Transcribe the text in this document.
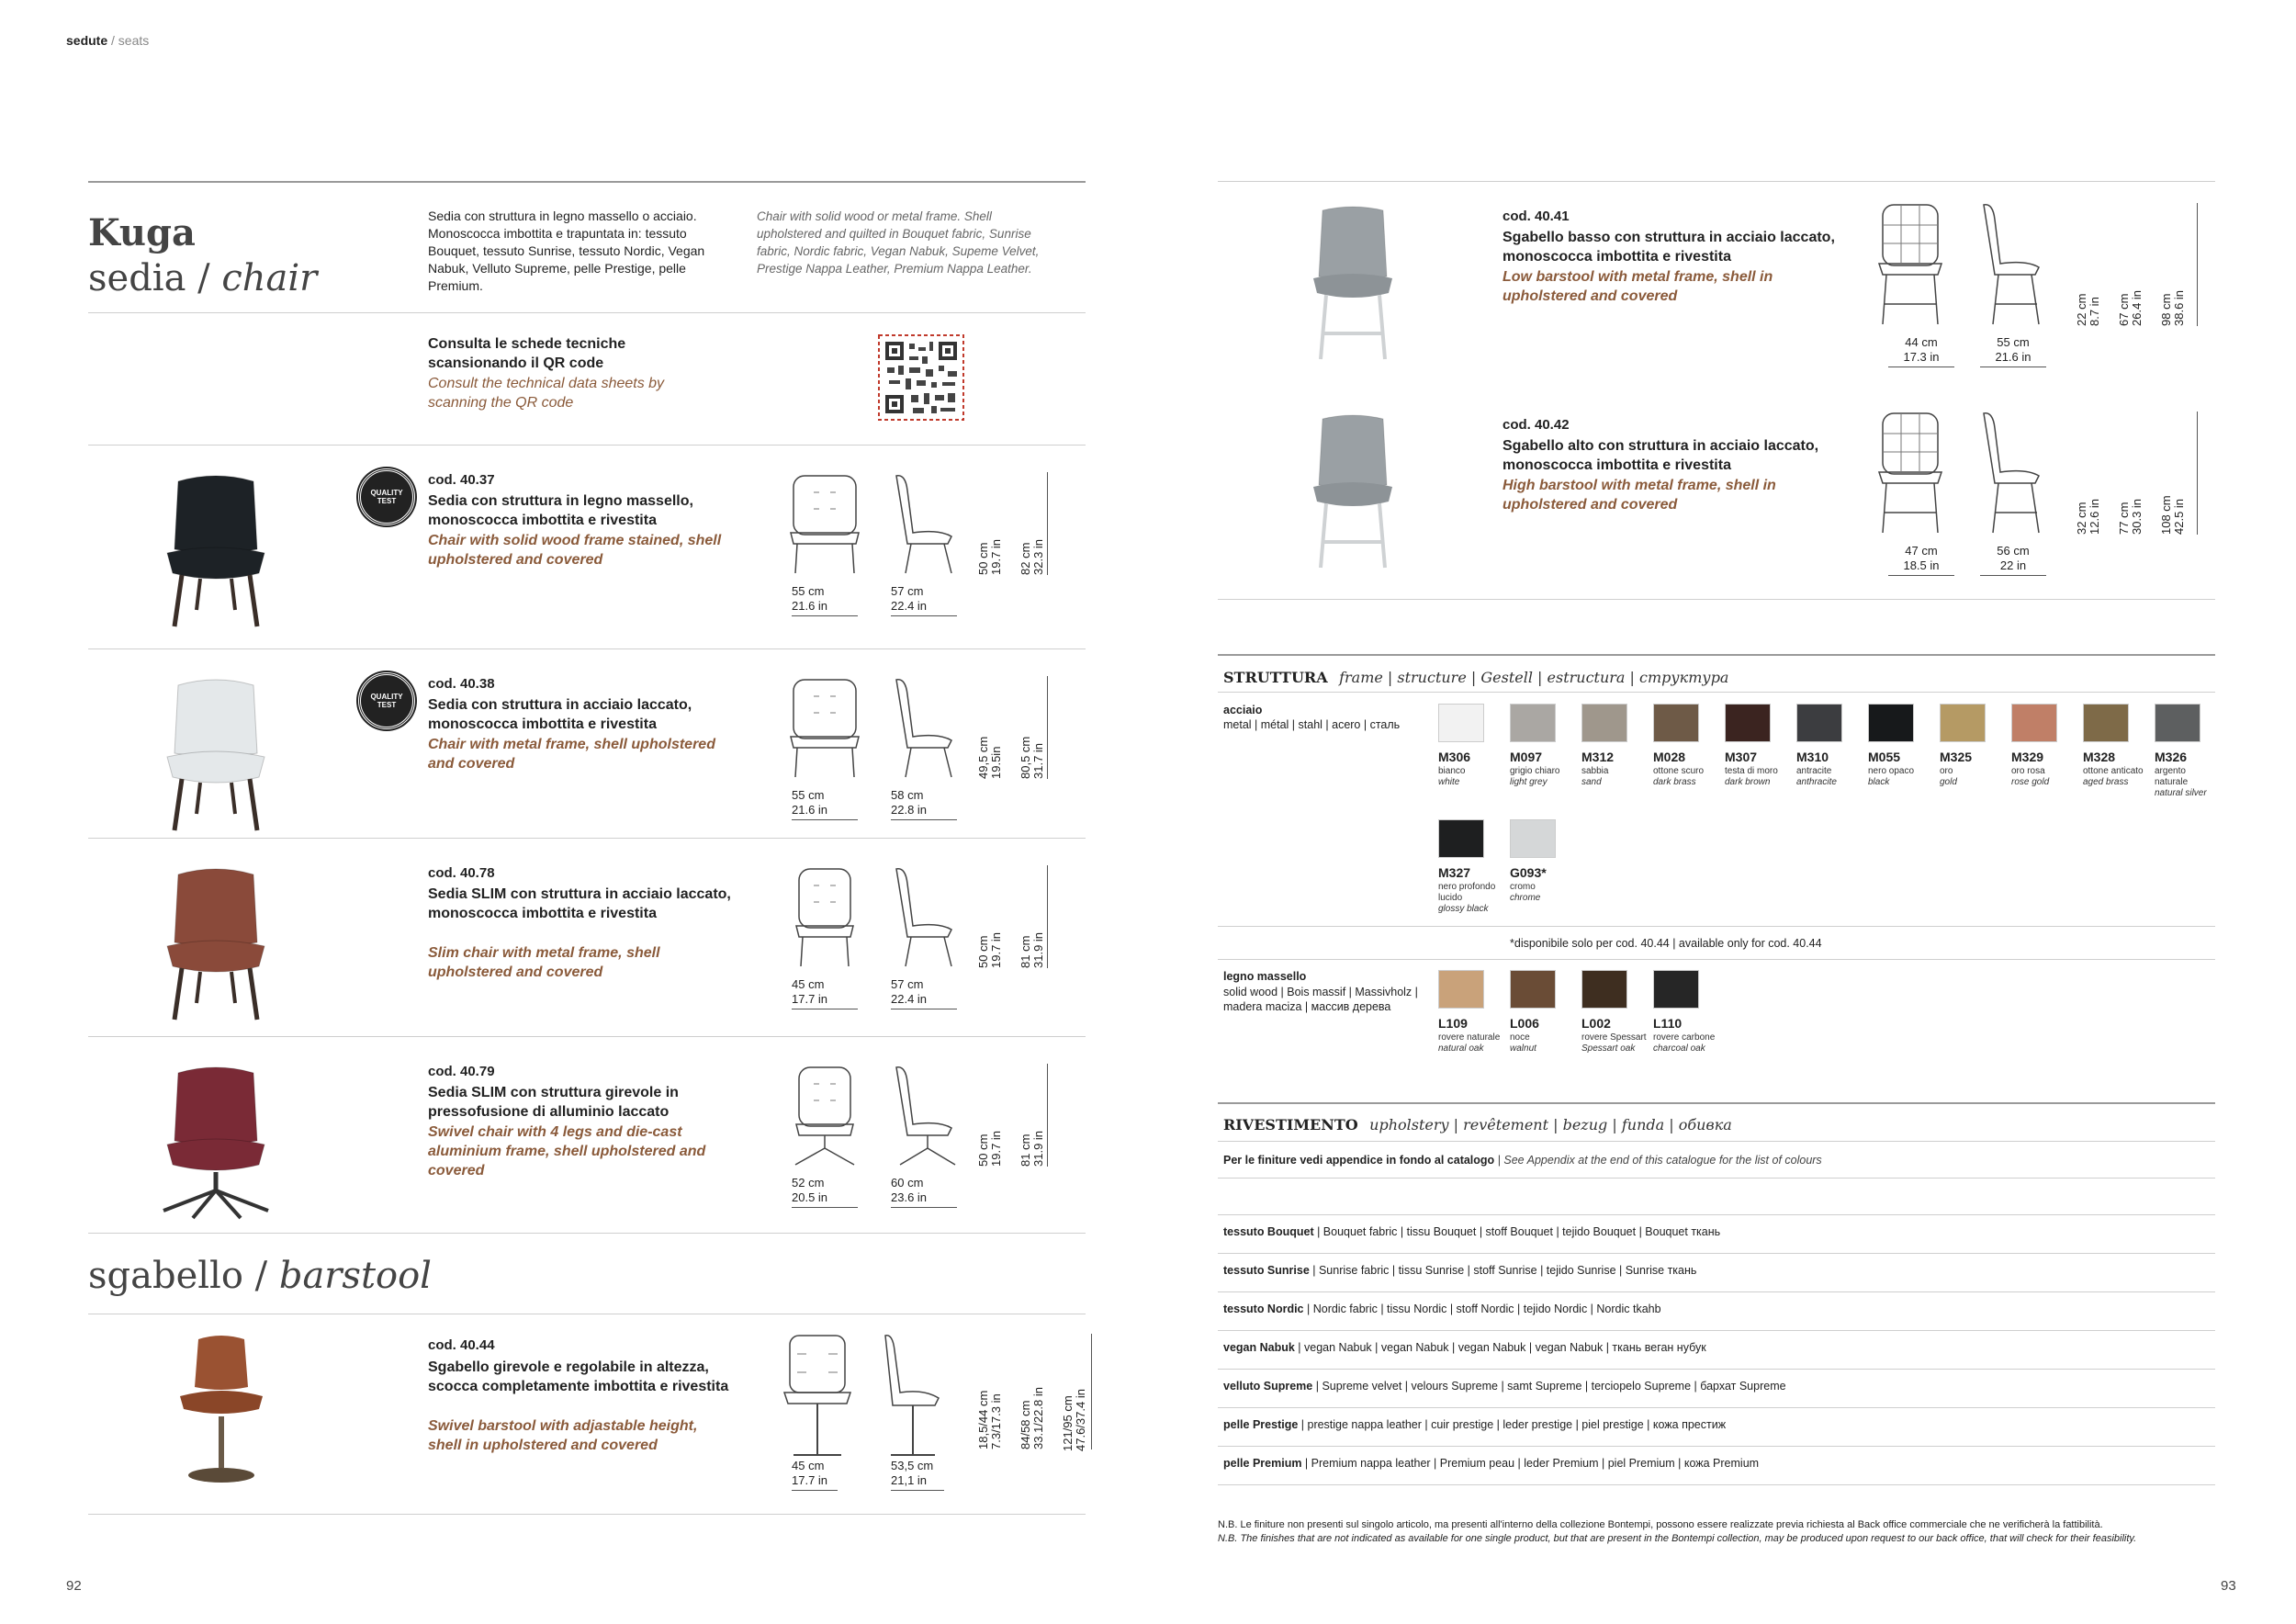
sedute / seats
Kuga
sedia / chair
Sedia con struttura in legno massello o acciaio. Monoscocca imbottita e trapuntata in: tessuto Bouquet, tessuto Sunrise, tessuto Nordic, Vegan Nabuk, Velluto Supreme, pelle Prestige, pelle Premium.
Chair with solid wood or metal frame. Shell upholstered and quilted in Bouquet fabric, Sunrise fabric, Nordic fabric, Vegan Nabuk, Supeme Velvet, Prestige Nappa Leather, Premium Nappa Leather.
Consulta le schede tecniche scansionando il QR code
Consult the technical data sheets by scanning the QR code
QUALITY TEST
cod. 40.37
Sedia con struttura in legno massello, monoscocca imbottita e rivestita
Chair with solid wood frame stained, shell upholstered and covered
55 cm
21.6 in
57 cm
22.4 in
50 cm
19.7 in 82 cm
32.3 in
QUALITY TEST
cod. 40.38
Sedia con struttura in acciaio laccato, monoscocca imbottita e rivestita
Chair with metal frame, shell upholstered and covered
55 cm
21.6 in
58 cm
22.8 in
49,5 cm
19.5in 80,5 cm
31.7 in
cod. 40.78
Sedia SLIM con struttura in acciaio laccato, monoscocca imbottita e rivestita
Slim chair with metal frame, shell upholstered and covered
45 cm
17.7 in
57 cm
22.4 in
50 cm
19.7 in 81 cm
31.9 in
cod. 40.79
Sedia SLIM con struttura girevole in pressofusione di alluminio laccato
Swivel chair with 4 legs and die-cast aluminium frame, shell upholstered and covered
52 cm
20.5 in
60 cm
23.6 in
50 cm
19.7 in 81 cm
31.9 in
sgabello / barstool
cod. 40.44
Sgabello girevole e regolabile in altezza, scocca completamente imbottita e rivestita
Swivel barstool with adjastable height, shell in upholstered and covered
45 cm
17.7 in
53,5 cm
21,1 in
18,5/44 cm
7.3/17.3 in 84/58 cm
33.1/22.8 in 121/95 cm
47.6/37.4 in
cod. 40.41
Sgabello basso con struttura in acciaio laccato, monoscocca imbottita e rivestita
Low barstool with metal frame, shell in upholstered and covered
44 cm
17.3 in
55 cm
21.6 in
22 cm
8.7 in 67 cm
26.4 in 98 cm
38.6 in
cod. 40.42
Sgabello alto con struttura in acciaio laccato, monoscocca imbottita e rivestita
High barstool with metal frame, shell in upholstered and covered
47 cm
18.5 in
56 cm
22 in
32 cm
12.6 in 77 cm
30.3 in 108 cm
42.5 in
STRUTTURA frame | structure | Gestell | estructura | структура
acciaio
metal | métal | stahl | acero | сталь
M306
bianco
white
M097
grigio chiaro
light grey
M312
sabbia
sand
M028
ottone scuro
dark brass
M307
testa di moro
dark brown
M310
antracite
anthracite
M055
nero opaco
black
M325
oro
gold
M329
oro rosa
rose gold
M328
ottone anticato
aged brass
M326
argento naturale
natural silver
M327
nero profondo lucido
glossy black
G093*
cromo
chrome
*disponibile solo per cod. 40.44 | available only for cod. 40.44
legno massello
solid wood | Bois massif | Massivholz | madera maciza | массив дерева
L109
rovere naturale
natural oak
L006
noce
walnut
L002
rovere Spessart
Spessart oak
L110
rovere carbone
charcoal oak
RIVESTIMENTO upholstery | revêtement | bezug | funda | обивка
Per le finiture vedi appendice in fondo al catalogo | See Appendix at the end of this catalogue for the list of colours
tessuto Bouquet | Bouquet fabric | tissu Bouquet | stoff Bouquet | tejido Bouquet | Bouquet ткань
tessuto Sunrise | Sunrise fabric | tissu Sunrise | stoff Sunrise | tejido Sunrise | Sunrise ткань
tessuto Nordic | Nordic fabric | tissu Nordic | stoff Nordic | tejido Nordic | Nordic tkahb
vegan Nabuk | vegan Nabuk | vegan Nabuk | vegan Nabuk | vegan Nabuk | ткань веган нубук
velluto Supreme | Supreme velvet | velours Supreme | samt Supreme | terciopelo Supreme | бархат Supreme
pelle Prestige | prestige nappa leather | cuir prestige | leder prestige | piel prestige | кожа престиж
pelle Premium | Premium nappa leather | Premium peau | leder Premium | piel Premium | кожа Premium
N.B. Le finiture non presenti sul singolo articolo, ma presenti all'interno della collezione Bontempi, possono essere realizzate previa richiesta al Back office commerciale che ne verificherà la fattibilità.
N.B. The finishes that are not indicated as available for one single product, but that are present in the Bontempi collection, may be produced upon request to our back office, that will check for their feasibility.
92	93
